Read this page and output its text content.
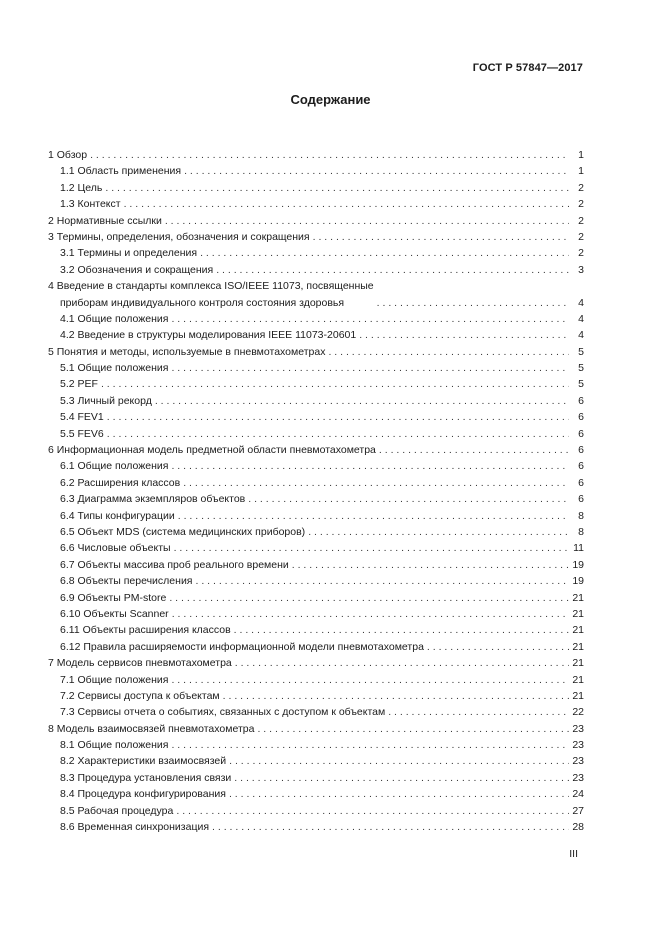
ГОСТ Р 57847—2017
Содержание
1 Обзор . . .	1
1.1 Область применения . . .	1
1.2 Цель . . .	2
1.3 Контекст . . .	2
2 Нормативные ссылки . . .	2
3 Термины, определения, обозначения и сокращения . . .	2
3.1 Термины и определения . . .	2
3.2 Обозначения и сокращения . . .	3
4 Введение в стандарты комплекса ISO/IEEE 11073, посвященные
приборам индивидуального контроля состояния здоровья . . .	4
4.1 Общие положения . . .	4
4.2 Введение в структуры моделирования IEEE 11073-20601 . . .	4
5 Понятия и методы, используемые в пневмотахометрах . . .	5
5.1 Общие положения . . .	5
5.2 PEF . . .	5
5.3 Личный рекорд . . .	6
5.4 FEV1 . . .	6
5.5 FEV6 . . .	6
6 Информационная модель предметной области пневмотахометра . . .	6
6.1 Общие положения . . .	6
6.2 Расширения классов . . .	6
6.3 Диаграмма экземпляров объектов . . .	6
6.4 Типы конфигурации . . .	8
6.5 Объект MDS (система медицинских приборов) . . .	8
6.6 Числовые объекты . . .	11
6.7 Объекты массива проб реального времени . . .	19
6.8 Объекты перечисления . . .	19
6.9 Объекты PM-store . . .	21
6.10 Объекты Scanner . . .	21
6.11 Объекты расширения классов . . .	21
6.12 Правила расширяемости информационной модели пневмотахометра . . .	21
7 Модель сервисов пневмотахометра . . .	21
7.1 Общие положения . . .	21
7.2 Сервисы доступа к объектам . . .	21
7.3 Сервисы отчета о событиях, связанных с доступом к объектам . . .	22
8 Модель взаимосвязей пневмотахометра . . .	23
8.1 Общие положения . . .	23
8.2 Характеристики взаимосвязей . . .	23
8.3 Процедура установления связи . . .	23
8.4 Процедура конфигурирования . . .	24
8.5 Рабочая процедура . . .	27
8.6 Временная синхронизация . . .	28
III
